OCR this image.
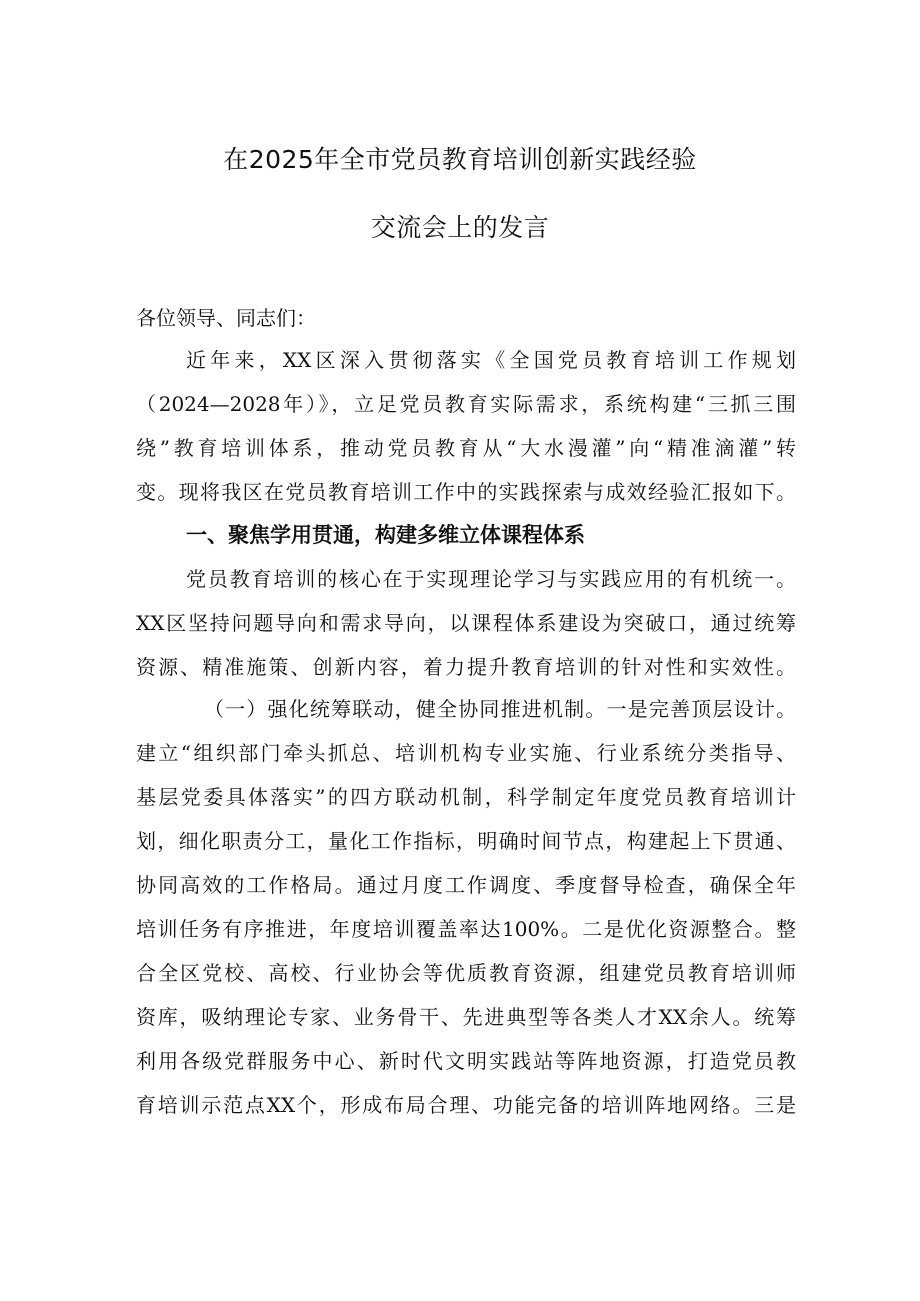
在2025年全市党员教育培训创新实践经验
交流会上的发言
各位领导、同志们：
近年来，XX区深入贯彻落实《全国党员教育培训工作规划
（2024—2028年）》，立足党员教育实际需求，系统构建“三抓三围
绕”教育培训体系，推动党员教育从“大水漫灌”向“精准滴灌”转
变。现将我区在党员教育培训工作中的实践探索与成效经验汇报如下。
一、聚焦学用贯通，构建多维立体课程体系
党员教育培训的核心在于实现理论学习与实践应用的有机统一。
XX区坚持问题导向和需求导向，以课程体系建设为突破口，通过统筹
资源、精准施策、创新内容，着力提升教育培训的针对性和实效性。
（一）强化统筹联动，健全协同推进机制。一是完善顶层设计。
建立“组织部门牵头抓总、培训机构专业实施、行业系统分类指导、
基层党委具体落实”的四方联动机制，科学制定年度党员教育培训计
划，细化职责分工，量化工作指标，明确时间节点，构建起上下贯通、
协同高效的工作格局。通过月度工作调度、季度督导检查，确保全年
培训任务有序推进，年度培训覆盖率达100%。二是优化资源整合。整
合全区党校、高校、行业协会等优质教育资源，组建党员教育培训师
资库，吸纳理论专家、业务骨干、先进典型等各类人才XX余人。统筹
利用各级党群服务中心、新时代文明实践站等阵地资源，打造党员教
育培训示范点XX个，形成布局合理、功能完备的培训阵地网络。三是
